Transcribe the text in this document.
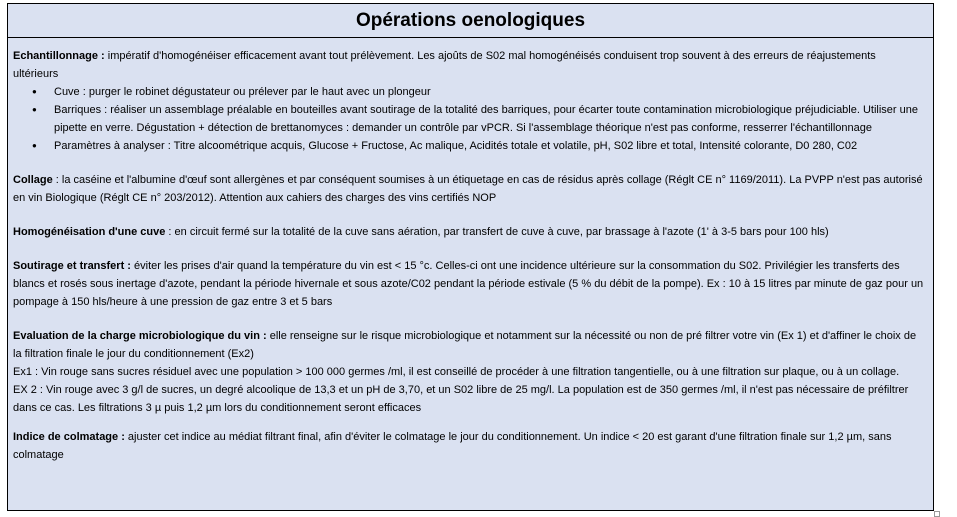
Opérations oenologiques

Echantillonnage : impératif d'homogénéiser efficacement avant tout prélèvement. Les ajoûts de S02 mal homogénéisés conduisent trop souvent à des erreurs de réajustements ultérieurs

● Cuve : purger le robinet dégustateur ou prélever par le haut avec un plongeur
● Barriques : réaliser un assemblage préalable en bouteilles avant soutirage de la totalité des barriques, pour écarter toute contamination microbiologique préjudiciable. Utiliser une pipette en verre. Dégustation + détection de brettanomyces : demander un contrôle par vPCR. Si l'assemblage théorique n'est pas conforme, resserrer l'échantillonnage
● Paramètres à analyser : Titre alcoométrique acquis, Glucose + Fructose, Ac malique, Acidités totale et volatile, pH, S02 libre et total, Intensité colorante, D0 280, C02

Collage : la caséine et l'albumine d'œuf sont allergènes et par conséquent soumises à un étiquetage en cas de résidus après collage (Réglt CE n° 1169/2011). La PVPP n'est pas autorisé en vin Biologique (Réglt CE n° 203/2012). Attention aux cahiers des charges des vins certifiés NOP

Homogénéisation d'une cuve : en circuit fermé sur la totalité de la cuve sans aération, par transfert de cuve à cuve, par brassage à l'azote (1' à 3-5 bars pour 100 hls)

Soutirage et transfert : éviter les prises d'air quand la température du vin est < 15 °c. Celles-ci ont une incidence ultérieure sur la consommation du S02. Privilégier les transferts des blancs et rosés sous inertage d'azote, pendant la période hivernale et sous azote/C02 pendant la période estivale (5 % du débit de la pompe). Ex : 10 à 15 litres par minute de gaz pour un pompage à 150 hls/heure à une pression de gaz entre 3 et 5 bars

Evaluation de la charge microbiologique du vin : elle renseigne sur le risque microbiologique et notamment sur la nécessité ou non de pré filtrer votre vin (Ex 1) et d'affiner le choix de la filtration finale le jour du conditionnement (Ex2)

Ex1 : Vin rouge sans sucres résiduel avec une population > 100 000 germes /ml, il est conseillé de procéder à une filtration tangentielle, ou à une filtration sur plaque, ou à un collage.

EX 2 : Vin rouge avec 3 g/l de sucres, un degré alcoolique de 13,3 et un pH de 3,70, et un S02 libre de 25 mg/l. La population est de 350 germes /ml, il n'est pas nécessaire de préfiltrer dans ce cas. Les filtrations 3 µ puis 1,2 µm lors du conditionnement seront efficaces

Indice de colmatage : ajuster cet indice au médiat filtrant final, afin d'éviter le colmatage le jour du conditionnement. Un indice < 20 est garant d'une filtration finale sur 1,2 µm, sans colmatage
